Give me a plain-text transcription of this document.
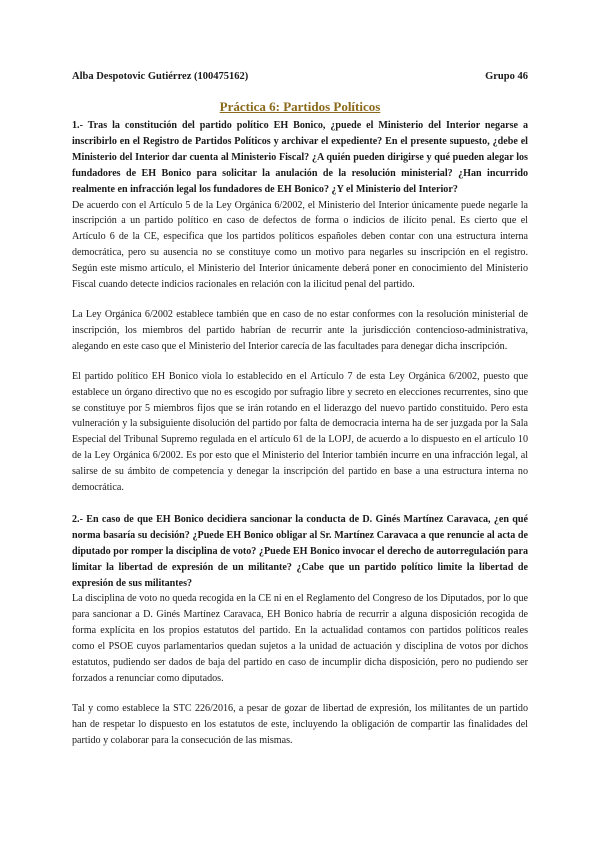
Alba Despotovic Gutiérrez (100475162)	Grupo 46
Práctica 6: Partidos Políticos

1.- Tras la constitución del partido político EH Bonico, ¿puede el Ministerio del Interior negarse a inscribirlo en el Registro de Partidos Políticos y archivar el expediente? En el presente supuesto, ¿debe el Ministerio del Interior dar cuenta al Ministerio Fiscal? ¿A quién pueden dirigirse y qué pueden alegar los fundadores de EH Bonico para solicitar la anulación de la resolución ministerial? ¿Han incurrido realmente en infracción legal los fundadores de EH Bonico? ¿Y el Ministerio del Interior?

De acuerdo con el Artículo 5 de la Ley Orgánica 6/2002, el Ministerio del Interior únicamente puede negarle la inscripción a un partido político en caso de defectos de forma o indicios de ilícito penal. Es cierto que el Artículo 6 de la CE, especifica que los partidos políticos españoles deben contar con una estructura interna democrática, pero su ausencia no se constituye como un motivo para negarles su inscripción en el registro. Según este mismo artículo, el Ministerio del Interior únicamente deberá poner en conocimiento del Ministerio Fiscal cuando detecte indicios racionales en relación con la ilicitud penal del partido.

La Ley Orgánica 6/2002 establece también que en caso de no estar conformes con la resolución ministerial de inscripción, los miembros del partido habrían de recurrir ante la jurisdicción contencioso-administrativa, alegando en este caso que el Ministerio del Interior carecía de las facultades para denegar dicha inscripción.

El partido político EH Bonico viola lo establecido en el Artículo 7 de esta Ley Orgánica 6/2002, puesto que establece un órgano directivo que no es escogido por sufragio libre y secreto en elecciones recurrentes, sino que se constituye por 5 miembros fijos que se irán rotando en el liderazgo del nuevo partido constituido. Pero esta vulneración y la subsiguiente disolución del partido por falta de democracia interna ha de ser juzgada por la Sala Especial del Tribunal Supremo regulada en el artículo 61 de la LOPJ, de acuerdo a lo dispuesto en el artículo 10 de la Ley Orgánica 6/2002. Es por esto que el Ministerio del Interior también incurre en una infracción legal, al salirse de su ámbito de competencia y denegar la inscripción del partido en base a una estructura interna no democrática.

2.- En caso de que EH Bonico decidiera sancionar la conducta de D. Ginés Martínez Caravaca, ¿en qué norma basaría su decisión? ¿Puede EH Bonico obligar al Sr. Martínez Caravaca a que renuncie al acta de diputado por romper la disciplina de voto? ¿Puede EH Bonico invocar el derecho de autorregulación para limitar la libertad de expresión de un militante? ¿Cabe que un partido político limite la libertad de expresión de sus militantes?

La disciplina de voto no queda recogida en la CE ni en el Reglamento del Congreso de los Diputados, por lo que para sancionar a D. Ginés Martínez Caravaca, EH Bonico habría de recurrir a alguna disposición recogida de forma explícita en los propios estatutos del partido. En la actualidad contamos con partidos políticos reales como el PSOE cuyos parlamentarios quedan sujetos a la unidad de actuación y disciplina de votos por dichos estatutos, pudiendo ser dados de baja del partido en caso de incumplir dicha disposición, pero no pudiendo ser forzados a renunciar como diputados.

Tal y como establece la STC 226/2016, a pesar de gozar de libertad de expresión, los militantes de un partido han de respetar lo dispuesto en los estatutos de este, incluyendo la obligación de compartir las finalidades del partido y colaborar para la consecución de las mismas.
